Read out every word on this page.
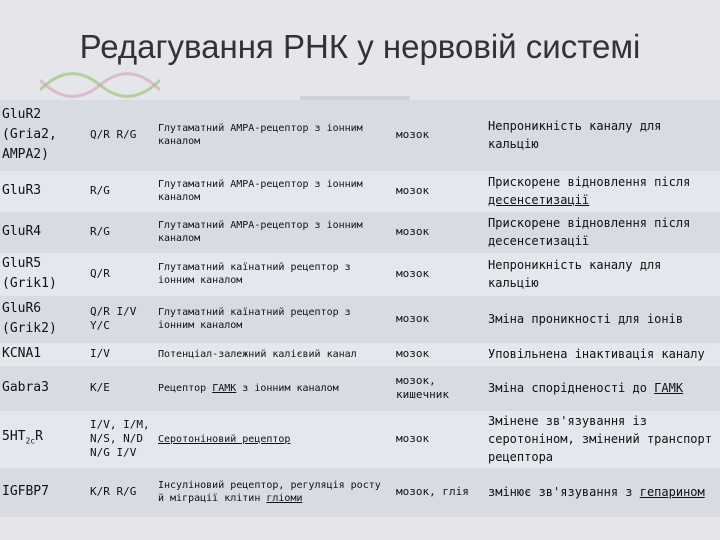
Редагування РНК у нервовій системі
GluR2 (Gria2, AMPA2)	Q/R R/G	Глутаматний AMPA-рецептор з іонним каналом	мозок	Непроникність каналу для кальцію
GluR3	R/G	Глутаматний AMPA-рецептор з іонним каналом	мозок	Прискорене відновлення після десенсетизації
GluR4	R/G	Глутаматний AMPA-рецептор з іонним каналом	мозок	Прискорене відновлення після десенсетизації
GluR5 (Grik1)	Q/R	Глутаматний каїнатний рецептор з іонним каналом	мозок	Непроникність каналу для кальцію
GluR6 (Grik2)	Q/R I/V Y/C	Глутаматний каїнатний рецептор з іонним каналом	мозок	Зміна проникності для іонів
KCNA1	I/V	Потенціал-залежний калієвий канал	мозок	Уповільнена інактивація каналу
Gabra3	K/E	Рецептор ГАМК з іонним каналом	мозок, кишечник	Зміна спорідненості до ГАМК
$5HT_{2c}R$	I/V, I/M, N/S, N/D N/G I/V	Серотоніновий рецептор	мозок	Змінене зв'язування із серотоніном, змінений транспорт рецептора
IGFBP7	K/R R/G	Інсуліновий рецептор, регуляція росту й міграції клітин гліоми	мозок, глія	змінює зв'язування з гепарином
